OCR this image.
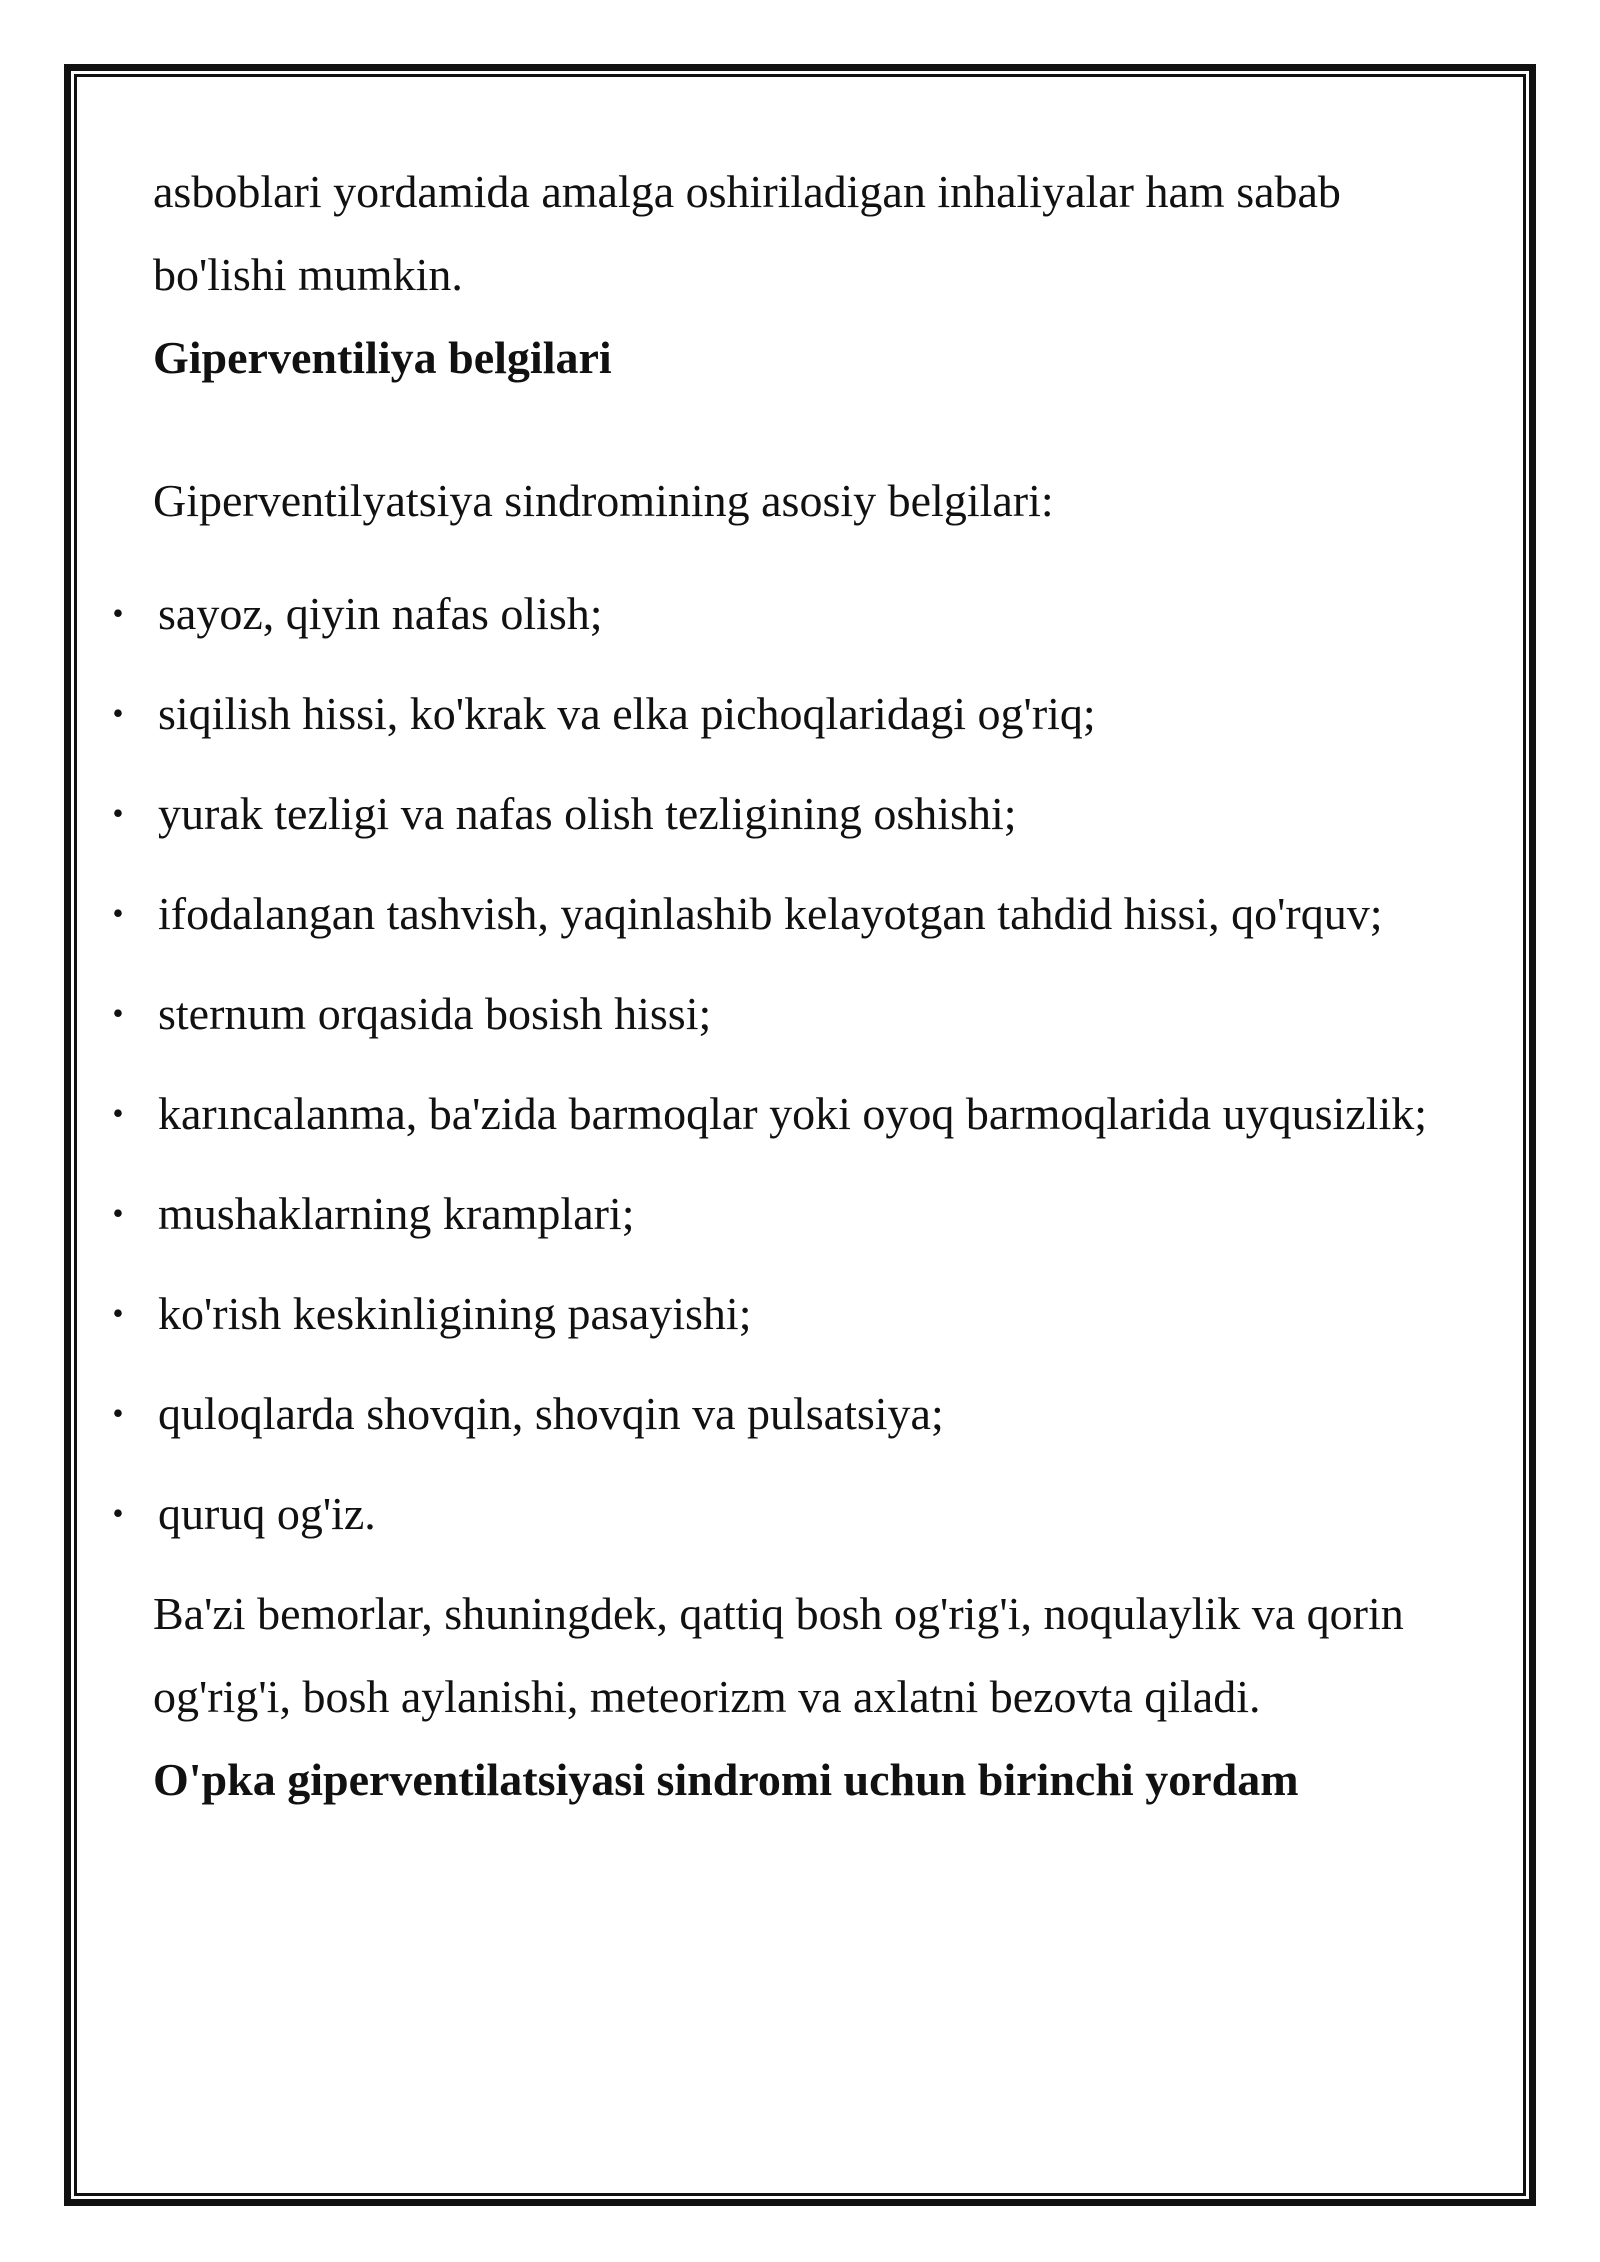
asboblari yordamida amalga oshiriladigan inhaliyalar ham sabab bo'lishi mumkin.

Giperventiliya belgilari

Giperventilyatsiya sindromining asosiy belgilari:

• sayoz, qiyin nafas olish;
• siqilish hissi, ko'krak va elka pichoqlaridagi og'riq;
• yurak tezligi va nafas olish tezligining oshishi;
• ifodalangan tashvish, yaqinlashib kelayotgan tahdid hissi, qo'rquv;
• sternum orqasida bosish hissi;
• karıncalanma, ba'zida barmoqlar yoki oyoq barmoqlarida uyqusizlik;
• mushaklarning kramplari;
• ko'rish keskinligining pasayishi;
• quloqlarda shovqin, shovqin va pulsatsiya;
• quruq og'iz.

Ba'zi bemorlar, shuningdek, qattiq bosh og'rig'i, noqulaylik va qorin og'rig'i, bosh aylanishi, meteorizm va axlatni bezovta qiladi.

O'pka giperventilatsiyasi sindromi uchun birinchi yordam
